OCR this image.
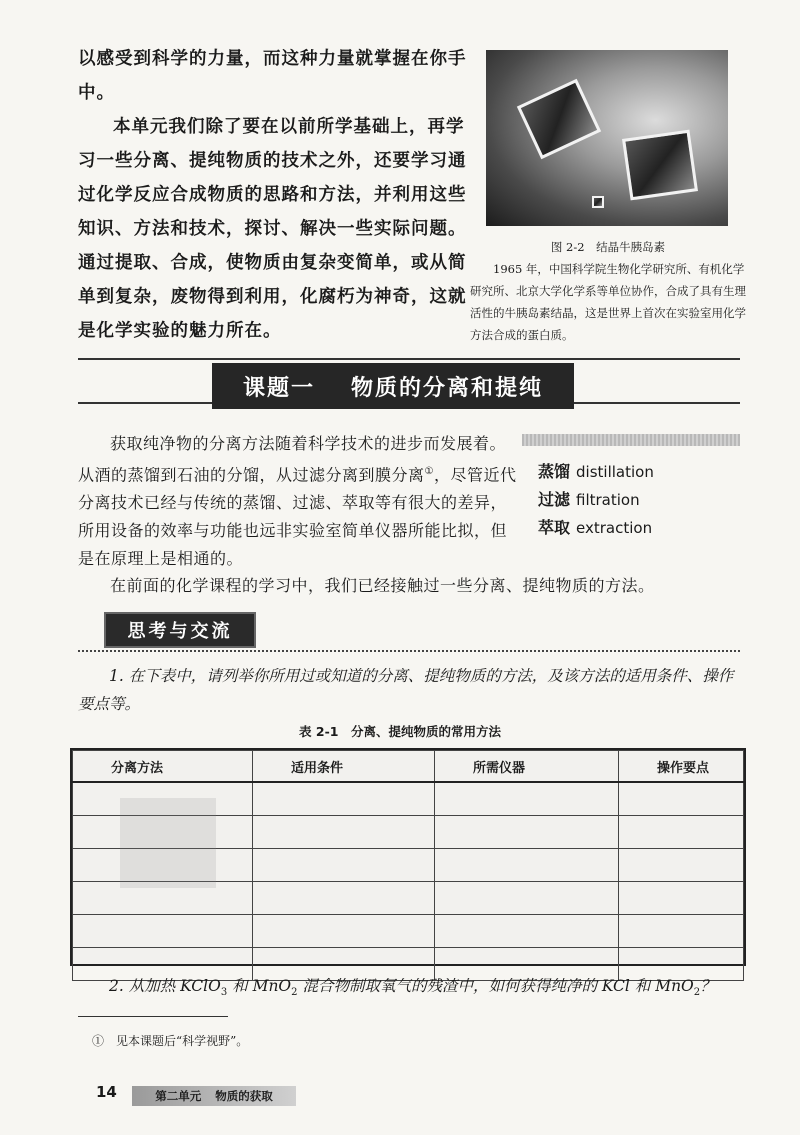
以感受到科学的力量，而这种力量就掌握在你手中。

本单元我们除了要在以前所学基础上，再学习一些分离、提纯物质的技术之外，还要学习通过化学反应合成物质的思路和方法，并利用这些知识、方法和技术，探讨、解决一些实际问题。通过提取、合成，使物质由复杂变简单，或从简单到复杂，废物得到利用，化腐朽为神奇，这就是化学实验的魅力所在。

图 2-2　结晶牛胰岛素

1965 年，中国科学院生物化学研究所、有机化学研究所、北京大学化学系等单位协作，合成了具有生理活性的牛胰岛素结晶，这是世界上首次在实验室用化学方法合成的蛋白质。

课题一 物质的分离和提纯

获取纯净物的分离方法随着科学技术的进步而发展着。从酒的蒸馏到石油的分馏，从过滤分离到膜分离①，尽管近代分离技术已经与传统的蒸馏、过滤、萃取等有很大的差异，所用设备的效率与功能也远非实验室简单仪器所能比拟，但是在原理上是相通的。

蒸馏 distillation
过滤 filtration
萃取 extraction

在前面的化学课程的学习中，我们已经接触过一些分离、提纯物质的方法。

思考与交流

1. 在下表中，请列举你所用过或知道的分离、提纯物质的方法，及该方法的适用条件、操作要点等。

表 2-1　分离、提纯物质的常用方法
分离方法	适用条件	所需仪器	操作要点

2. 从加热 KClO$_3$ 和 MnO$_2$ 混合物制取氧气的残渣中，如何获得纯净的 KCl 和 MnO$_2$？

①　见本课题后“科学视野”。
14	第二单元 物质的获取
